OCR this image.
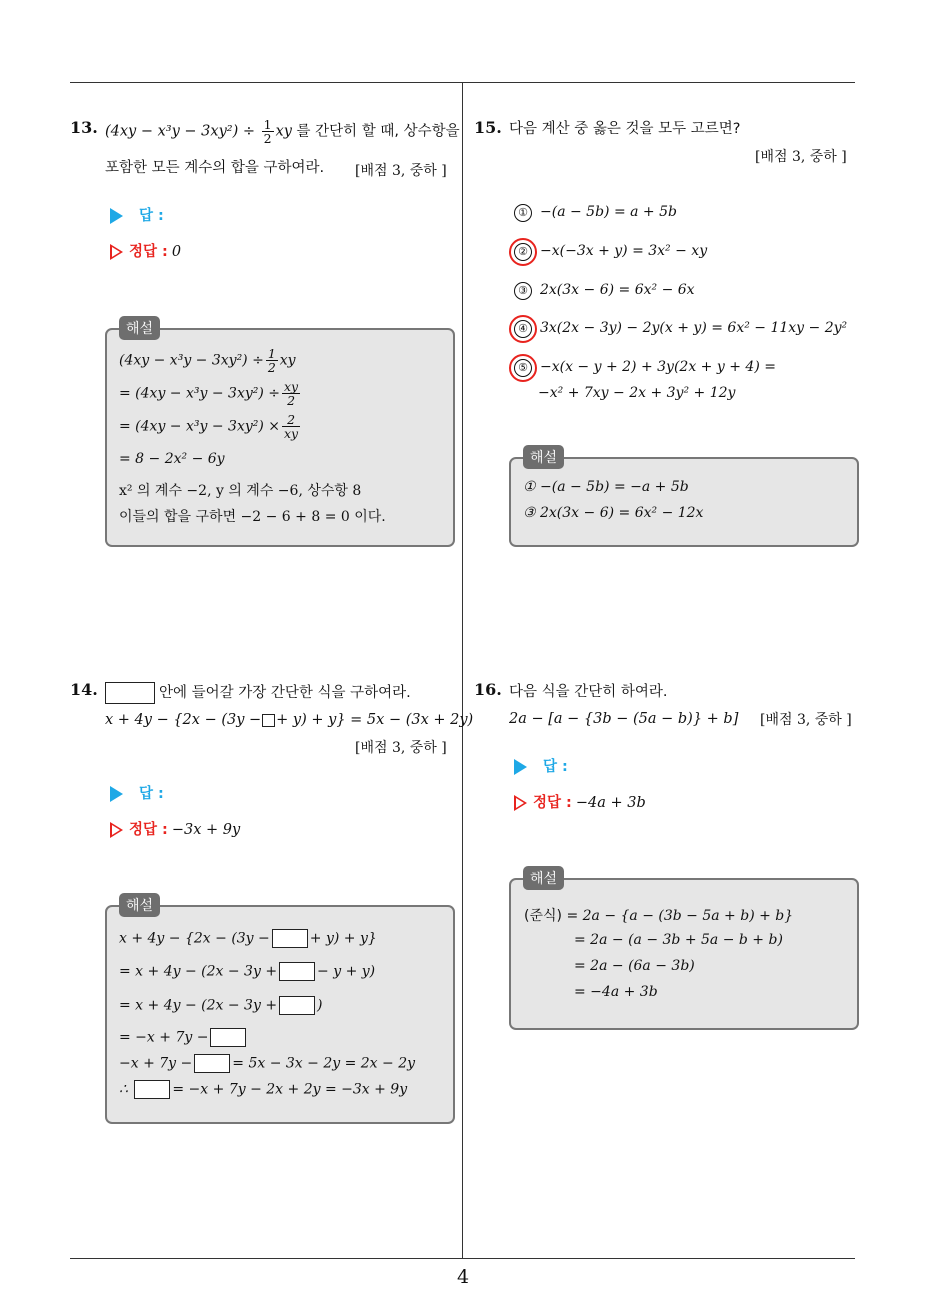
4
13. $(4xy - x^3y - 3xy^2) \div \frac{1}{2}$ xy 를 간단히 할 때, 상수항을
포함한 모든 계수의 합을 구하여라. [배점 3, 중하 ]
답 :
정답 : 0
해설
$(4xy - x^3y - 3xy^2) \div \frac{1}{2}$ xy
= $(4xy - x^3y - 3xy^2) \div \frac{xy}{2}$
= $(4xy - x^3y - 3xy^2) \times \frac{2}{xy}$
= 8 − 2x² − 6y
x² 의 계수 −2, y 의 계수 −6, 상수항 8
이들의 합을 구하면 −2 − 6 + 8 = 0 이다.
14.	안에 들어갈 가장 간단한 식을 구하여라.
x + 4y − {2x − (3y − + y) + y} = 5x − (3x + 2y)
[배점 3, 중하 ]
답 :
정답 : −3x + 9y
해설
x + 4y − {2x − (3y −	+ y) + y}
= x + 4y − (2x − 3y +	− y + y)
= x + 4y − (2x − 3y +	)
= −x + 7y −
−x + 7y −	= 5x − 3x − 2y = 2x − 2y
∴	= −x + 7y − 2x + 2y = −3x + 9y
15. 다음 계산 중 옳은 것을 모두 고르면?
[배점 3, 중하 ]
① −(a − 5b) = a + 5b
② −x(−3x + y) = 3x² − xy
③ 2x(3x − 6) = 6x² − 6x
④ 3x(2x − 3y) − 2y(x + y) = 6x² − 11xy − 2y²
⑤ −x(x − y + 2) + 3y(2x + y + 4) =
−x² + 7xy − 2x + 3y² + 12y
해설
① −(a − 5b) = −a + 5b
③ 2x(3x − 6) = 6x² − 12x
16. 다음 식을 간단히 하여라.
2a − [a − {3b − (5a − b)} + b] [배점 3, 중하 ]
답 :
정답 : −4a + 3b
해설
(준식) = 2a − {a − (3b − 5a + b) + b}
= 2a − (a − 3b + 5a − b + b)
= 2a − (6a − 3b)
= −4a + 3b
